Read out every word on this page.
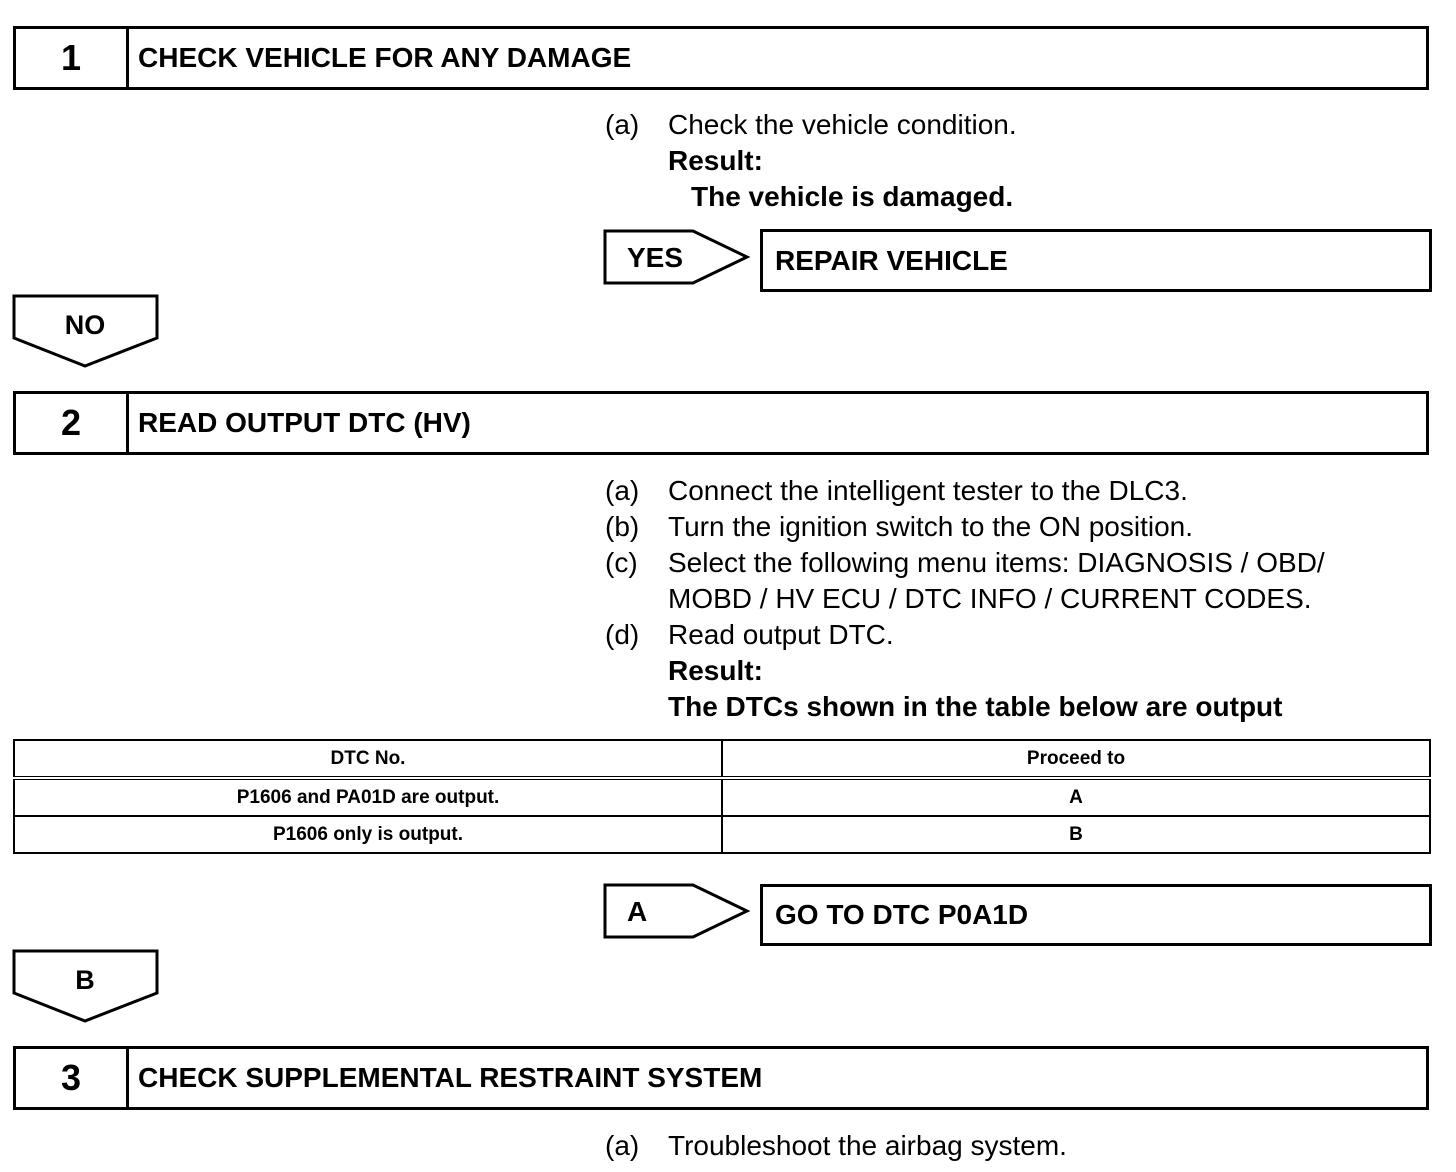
1	CHECK VEHICLE FOR ANY DAMAGE
(a) Check the vehicle condition.
Result:
The vehicle is damaged.
YES	REPAIR VEHICLE
NO
2	READ OUTPUT DTC (HV)
(a) Connect the intelligent tester to the DLC3.
(b) Turn the ignition switch to the ON position.
(c) Select the following menu items: DIAGNOSIS / OBD/
MOBD / HV ECU / DTC INFO / CURRENT CODES.
(d) Read output DTC.
Result:
The DTCs shown in the table below are output
DTC No.	Proceed to
P1606 and PA01D are output.	A
P1606 only is output.	B
A	GO TO DTC P0A1D
B
3	CHECK SUPPLEMENTAL RESTRAINT SYSTEM
(a) Troubleshoot the airbag system.
